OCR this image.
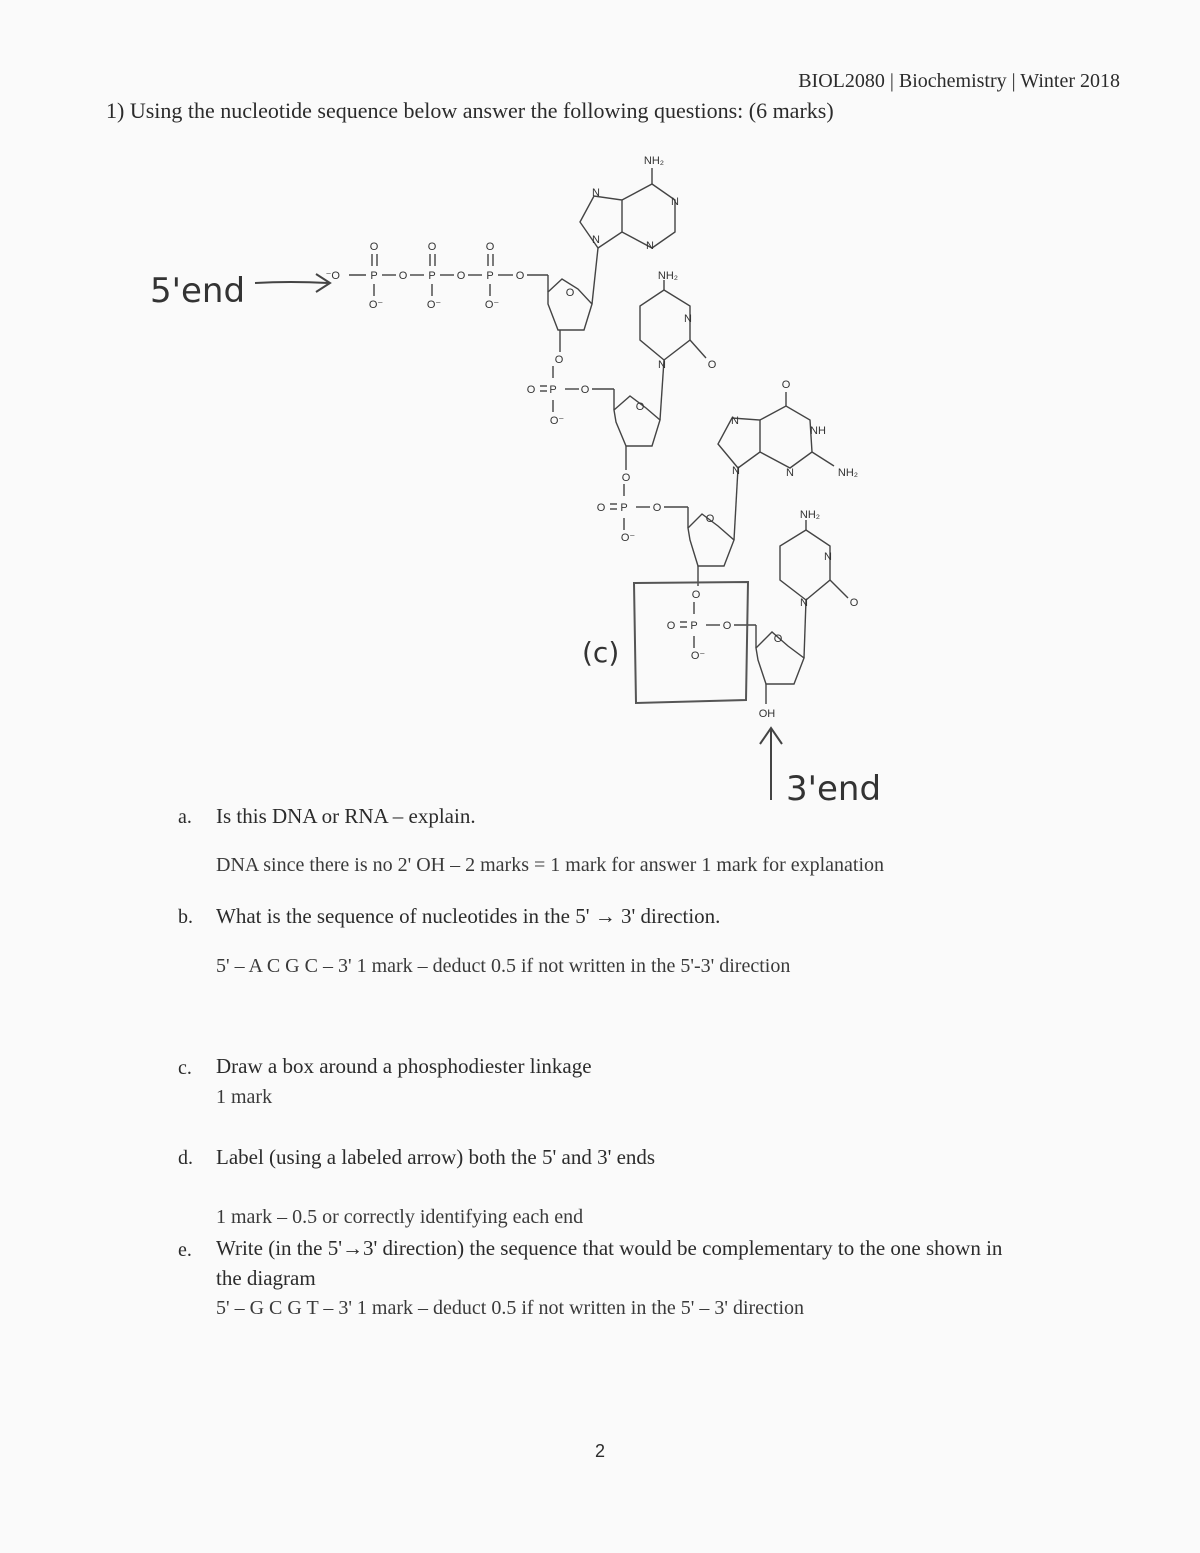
BIOL2080 | Biochemistry | Winter 2018
1) Using the nucleotide sequence below answer the following questions: (6 marks)
⁻O	P O P O P O
O	O	O
O⁻	O⁻	O⁻
O
N
N
N
N
NH₂
O
O P O
O⁻
NH₂
N
N	O
O
O
O P O
O⁻
O
N
N
NH
N	NH₂
O
O
O P O
O⁻
O
NH₂
N
N	O
OH
5'end
3'end
(c)
a. Is this DNA or RNA – explain.
DNA since there is no 2' OH – 2 marks = 1 mark for answer 1 mark for explanation
b. What is the sequence of nucleotides in the 5' → 3' direction.
5' – A C G C – 3' 1 mark – deduct 0.5 if not written in the 5'-3' direction
c. Draw a box around a phosphodiester linkage
1 mark
d. Label (using a labeled arrow) both the 5' and 3' ends
1 mark – 0.5 or correctly identifying each end
e. Write (in the 5'→3' direction) the sequence that would be complementary to the one shown in
the diagram
5' – G C G T – 3' 1 mark – deduct 0.5 if not written in the 5' – 3' direction
2
